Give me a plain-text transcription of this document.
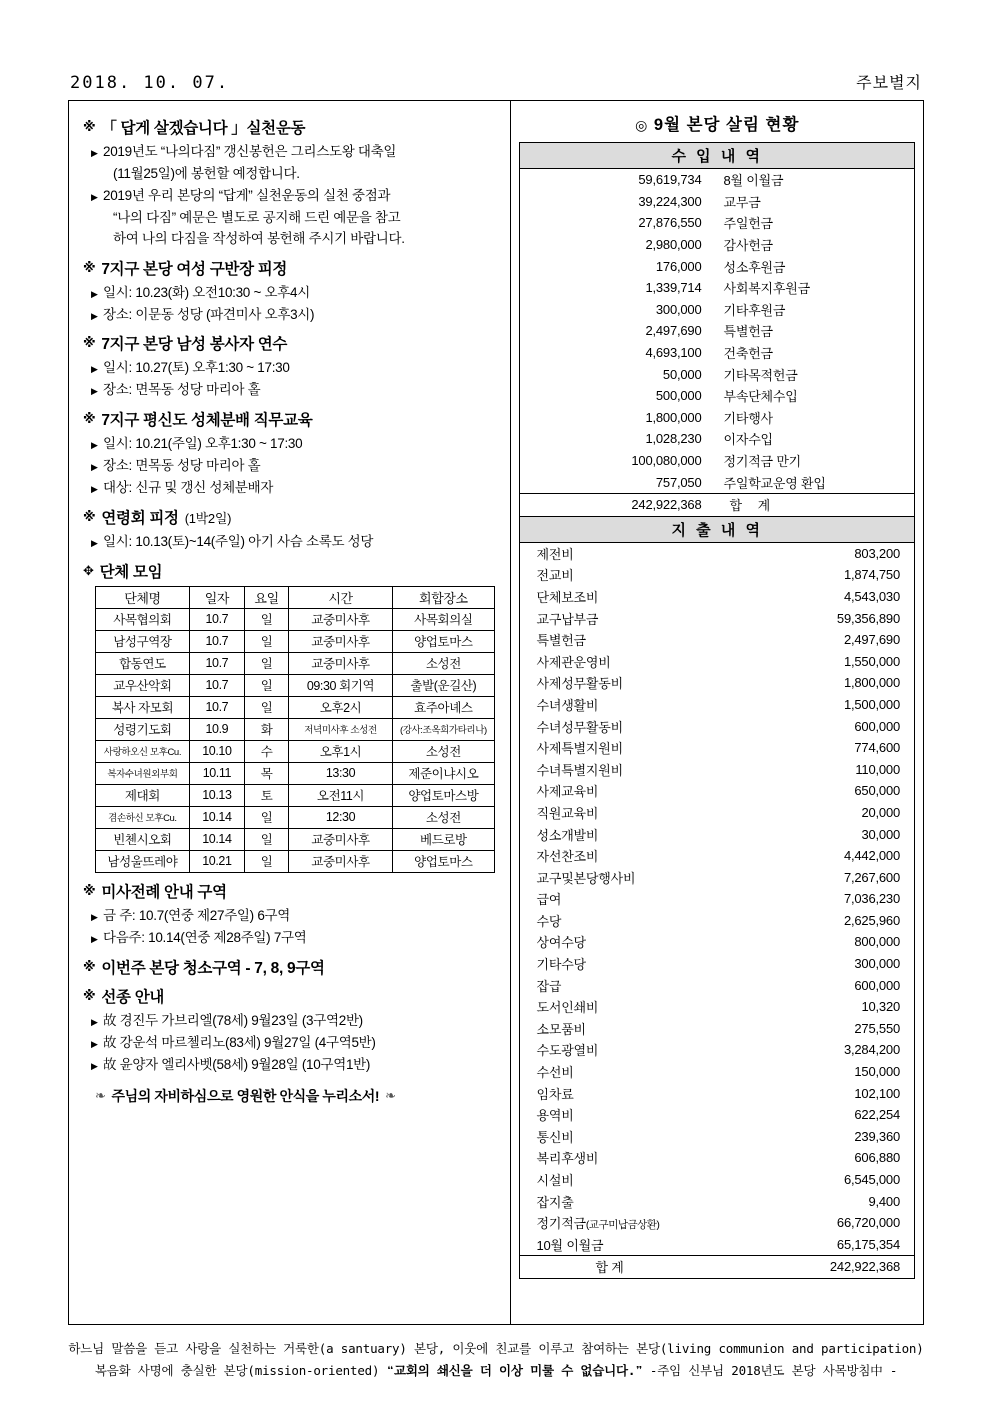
2018. 10. 07.	주보별지
※ 「 답게 살겠습니다 」실천운동
▶ 2019년도 “나의다짐” 갱신봉헌은 그리스도왕 대축일
(11월25일)에 봉헌할 예정합니다.
▶ 2019년 우리 본당의 “답게” 실천운동의 실천 중점과
“나의 다짐” 예문은 별도로 공지해 드린 예문을 참고
하여 나의 다짐을 작성하여 봉헌해 주시기 바랍니다.
※ 7지구 본당 여성 구반장 피정
▶ 일시: 10.23(화) 오전10:30 ~ 오후4시
▶ 장소: 이문동 성당 (파견미사 오후3시)
※ 7지구 본당 남성 봉사자 연수
▶ 일시: 10.27(토) 오후1:30 ~ 17:30
▶ 장소: 면목동 성당 마리아 홀
※ 7지구 평신도 성체분배 직무교육
▶ 일시: 10.21(주일) 오후1:30 ~ 17:30
▶ 장소: 면목동 성당 마리아 홀
▶ 대상: 신규 및 갱신 성체분배자
※ 연령회 피정 (1박2일)
▶ 일시: 10.13(토)~14(주일) 아기 사슴 소록도 성당
✥ 단체 모임
단체명	일자	요일	시간	회합장소
사목협의회	10.7	일	교중미사후	사목회의실
남성구역장	10.7	일	교중미사후	양업토마스
합동연도	10.7	일	교중미사후	소성전
교우산악회	10.7	일	09:30 회기역	출발(운길산)
복사 자모회	10.7	일	오후2시	효주아녜스
성령기도회	10.9	화	저녁미사후 소성전	(강사:조옥희가타리나)
사랑하오신 모후Cu.	10.10	수	오후1시	소성전
복자수녀원외부회	10.11	목	13:30	제준이냐시오
제대회	10.13	토	오전11시	양업토마스방
겸손하신 모후Cu.	10.14	일	12:30	소성전
빈첸시오회	10.14	일	교중미사후	베드로방
남성울뜨레야	10.21	일	교중미사후	양업토마스
※ 미사전례 안내 구역
▶ 금 주: 10.7(연중 제27주일) 6구역
▶ 다음주: 10.14(연중 제28주일) 7구역
※ 이번주 본당 청소구역 - 7, 8, 9구역
※ 선종 안내
▶ 故 경진두 가브리엘(78세) 9월23일 (3구역2반)
▶ 故 강운석 마르첼리노(83세) 9월27일 (4구역5반)
▶ 故 윤양자 엘리사벳(58세) 9월28일 (10구역1반)
❧ 주님의 자비하심으로 영원한 안식을 누리소서! ❧
◎ 9월 본당 살림 현황
수 입 내 역
59,619,734	8월 이월금
39,224,300	교무금
27,876,550	주일헌금
2,980,000	감사헌금
176,000	성소후원금
1,339,714	사회복지후원금
300,000	기타후원금
2,497,690	특별헌금
4,693,100	건축헌금
50,000	기타목적헌금
500,000	부속단체수입
1,800,000	기타행사
1,028,230	이자수입
100,080,000	정기적금 만기
757,050	주일학교운영 환입
242,922,368	합 계
지 출 내 역
제전비	803,200
전교비	1,874,750
단체보조비	4,543,030
교구납부금	59,356,890
특별헌금	2,497,690
사제관운영비	1,550,000
사제성무활동비	1,800,000
수녀생활비	1,500,000
수녀성무활동비	600,000
사제특별지원비	774,600
수녀특별지원비	110,000
사제교육비	650,000
직원교육비	20,000
성소개발비	30,000
자선찬조비	4,442,000
교구및본당행사비	7,267,600
급여	7,036,230
수당	2,625,960
상여수당	800,000
기타수당	300,000
잡급	600,000
도서인쇄비	10,320
소모품비	275,550
수도광열비	3,284,200
수선비	150,000
임차료	102,100
용역비	622,254
통신비	239,360
복리후생비	606,880
시설비	6,545,000
잡지출	9,400
정기적금(교구미납금상환)	66,720,000
10월 이월금	65,175,354
합 계	242,922,368
하느님 말씀을 듣고 사랑을 실천하는 거룩한(a santuary) 본당, 이웃에 친교를 이루고 참여하는 본당(living communion and participation)
복음화 사명에 충실한 본당(mission-oriented) ❝교회의 쇄신을 더 이상 미룰 수 없습니다.❞ -주임 신부님 2018년도 본당 사목방침中 -
